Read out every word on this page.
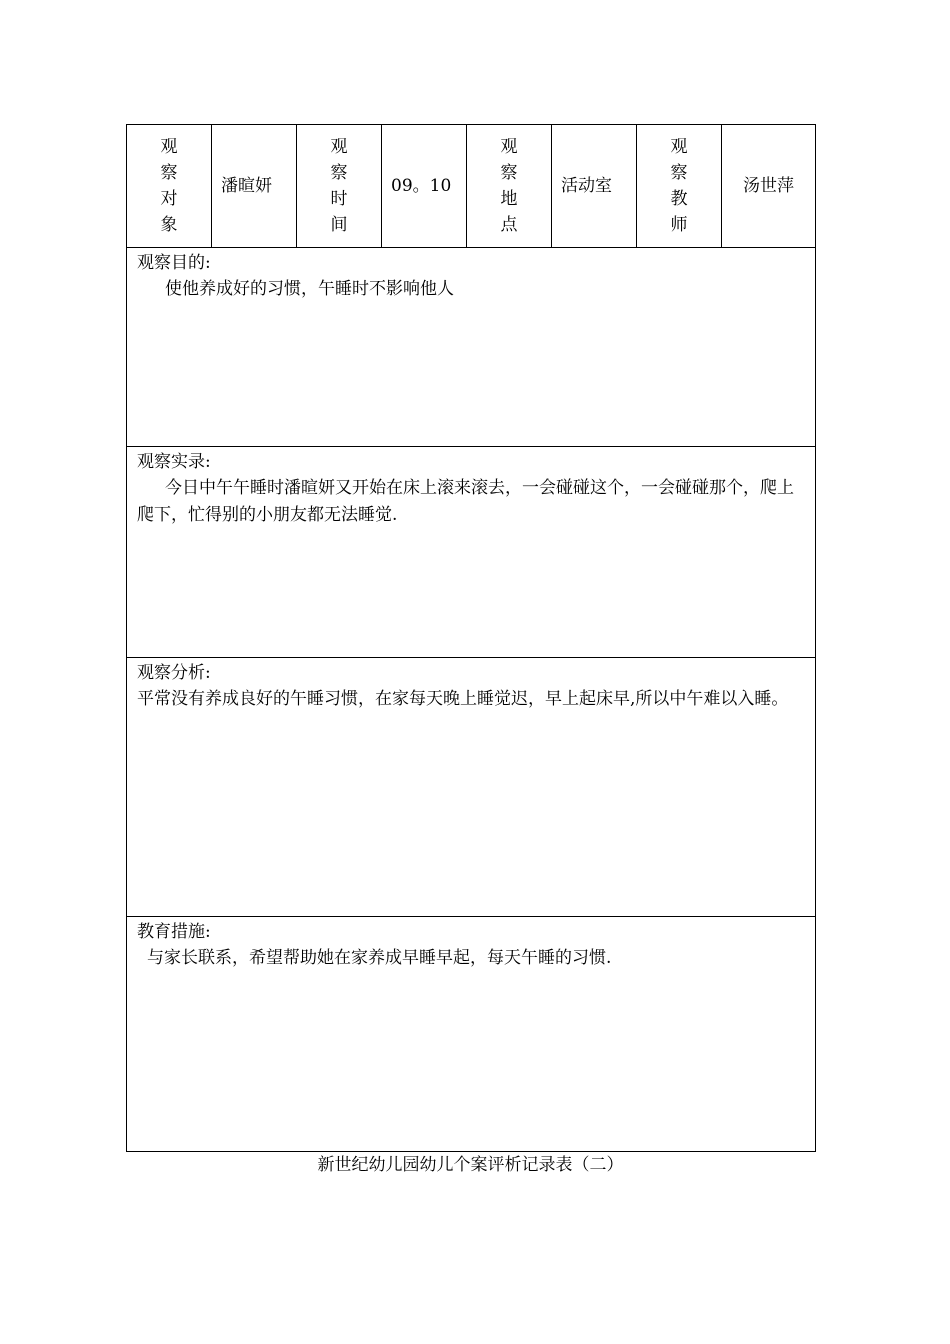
观察
对象
	潘暄妍	
观察
时间
	09。10	
观察
地点
	活动室	
观察
教师
	汤世萍

观察目的:
使他养成好的习惯，午睡时不影响他人

观察实录:
今日中午午睡时潘暄妍又开始在床上滚来滚去，一会碰碰这个，一会碰碰那个，爬上爬下，忙得别的小朋友都无法睡觉.

观察分析:
平常没有养成良好的午睡习惯，在家每天晚上睡觉迟，早上起床早,所以中午难以入睡。

教育措施:
与家长联系，希望帮助她在家养成早睡早起，每天午睡的习惯.
新世纪幼儿园幼儿个案评析记录表（二）
